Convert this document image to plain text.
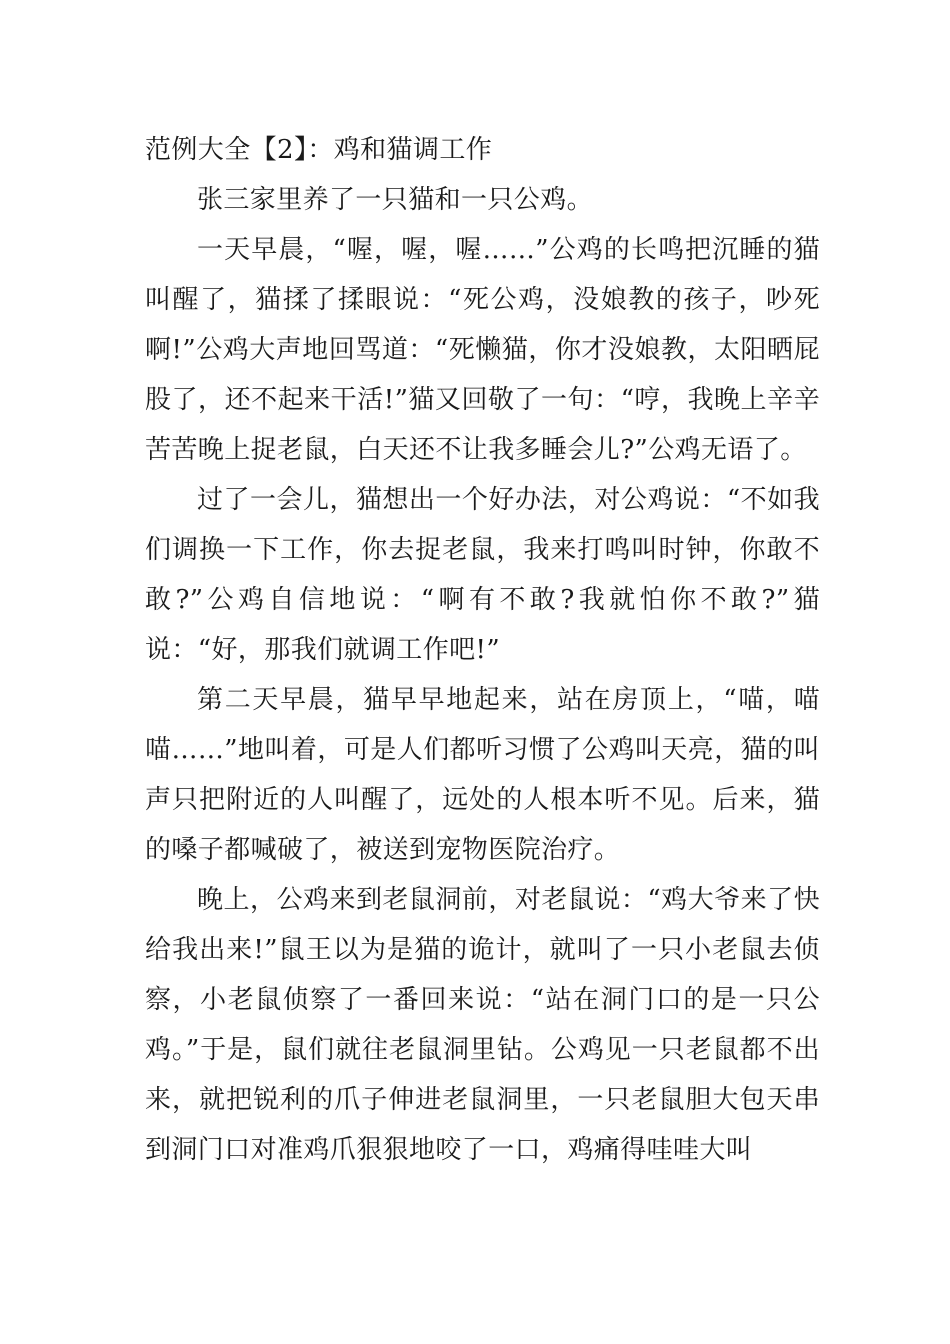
范例大全【2】：鸡和猫调工作

张三家里养了一只猫和一只公鸡。

一天早晨，“喔，喔，喔……”公鸡的长鸣把沉睡的猫叫醒了，猫揉了揉眼说：“死公鸡，没娘教的孩子，吵死啊!”公鸡大声地回骂道：“死懒猫，你才没娘教，太阳晒屁股了，还不起来干活!”猫又回敬了一句：“哼，我晚上辛辛苦苦晚上捉老鼠，白天还不让我多睡会儿?”公鸡无语了。

过了一会儿，猫想出一个好办法，对公鸡说：“不如我们调换一下工作，你去捉老鼠，我来打鸣叫时钟，你敢不敢?”公鸡自信地说：“啊有不敢?我就怕你不敢?”猫说：“好，那我们就调工作吧!”

第二天早晨，猫早早地起来，站在房顶上，“喵，喵喵……”地叫着，可是人们都听习惯了公鸡叫天亮，猫的叫声只把附近的人叫醒了，远处的人根本听不见。后来，猫的嗓子都喊破了，被送到宠物医院治疗。

晚上，公鸡来到老鼠洞前，对老鼠说：“鸡大爷来了快给我出来!”鼠王以为是猫的诡计，就叫了一只小老鼠去侦察，小老鼠侦察了一番回来说：“站在洞门口的是一只公鸡。”于是，鼠们就往老鼠洞里钻。公鸡见一只老鼠都不出来，就把锐利的爪子伸进老鼠洞里，一只老鼠胆大包天串到洞门口对准鸡爪狠狠地咬了一口，鸡痛得哇哇大叫
